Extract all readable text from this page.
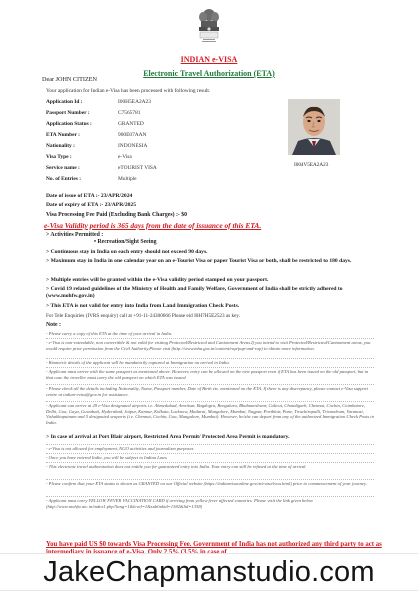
INDIAN e-VISA
Electronic Travel Authorization (ETA)
Dear JOHN CITIZEN
Your application for Indian e-Visa has been processed with following result.
Application Id :	I00H5EA2A23
Passport Number :	C7565781
Application Status :	GRANTED
ETA Number :	900E07AAN
Nationality :	INDONESIA
Visa Type :	e-Visa
Service name :	eTOURIST VISA
No. of Entries :	Multiple
I004V5EA2A23
Date of issue of ETA :- 23/APR/2024
Date of expiry of ETA :- 23/APR/2025
Visa Processing Fee Paid (Excluding Bank Charges) :- $0
e-Visa Validity period is 365 days from the date of issuance of this ETA.
> Activities Permitted :
• Recreation/Sight Seeing
> Continuous stay in India on each entry should not exceed 90 days.
> Maximum stay in India in one calendar year on an e-Tourist Visa or paper Tourist Visa or both, shall be restricted to 180 days.
> Multiple entries will be granted within the e-Visa validity period stamped on your passport.
> Covid 19 related guidelines of the Ministry of Health and Family Welfare, Government of India shall be strictly adhered to (www.mohfw.gov.in)
> This ETA is not valid for entry into India from Land Immigration Check Posts.
For Tele Enquiries (IVRS enquiry) call at +91-11-24300666 Please eid I0H7H5E2523 as key.
Note :
- Please carry a copy of this ETA at the time of your arrival in India.
- e-Visa is non-extendable, non convertible & not valid for visiting Protected/Restricted and Cantonment Areas.If you intend to visit Protected/Restricted/Cantonment areas, you would require prior permission from the Civil Authority.Please visit (http://www.mha.gov.in/content/rap/pap-and-rap) to obtain more information.
- Biometric details of the applicant will be mandatorily captured at Immigration on arrival in India.
- Applicant must arrive with the same passport as mentioned above. However, entry can be allowed on the new passport even if ETA has been issued on the old passport, but in that case the traveller must carry the old passport on which ETA was issued.
- Please check all the details including Nationality, Name, Passport number, Date of Birth etc. mentioned on the ETA. If there is any discrepancy, please contact e-Visa support centre at indian-evisa@gov.in for assistance.
- Applicant can arrive at 29 e-Visa designated airports i.e. Ahmedabad, Amritsar, Bagdogra, Bengaluru, Bhubaneshwar, Calicut, Chandigarh, Chennai, Cochin, Coimbatore, Delhi, Goa, Gaya, Guwahati, Hyderabad, Jaipur, Kannur, Kolkata, Lucknow, Madurai, Mangalore, Mumbai, Nagpur, Portblair, Pune, Tiruchirapalli, Trivandrum, Varanasi, Vishakhapatnam and 5 designated seaports (i.e. Chennai, Cochin, Goa, Mangalore, Mumbai). However, he/she can depart from any of the authorized Immigration Check Posts in India.
> In case of arrival at Port Blair airport, Restricted Area Permit/ Protected Area Permit is mandatory.
- e-Visa is not allowed for employment, NGO activities and journalism purposes
- Once you have entered India, you will be subject to Indian Laws
- This electronic travel authorization does not entitle you for guaranteed entry into India. Your entry can still be refused at the time of arrival.
- Please confirm that your ETA status is shown as GRANTED on our Official website (https://indianvisaonline.gov.in/evisa/tvoa.html) prior to commencement of your journey.
- Applicant must carry YELLOW FEVER VACCINATION CARD if arriving from yellow fever affected countries. Please visit the link given below (http://www.mohfw.nic.in/index1.php?lang=1&level=1&sublinkid=1382&lid=1358)
You have paid US $0 towards Visa Processing Fee. Government of India has not authorized any third party to act as
JakeChapmanstudio.com
